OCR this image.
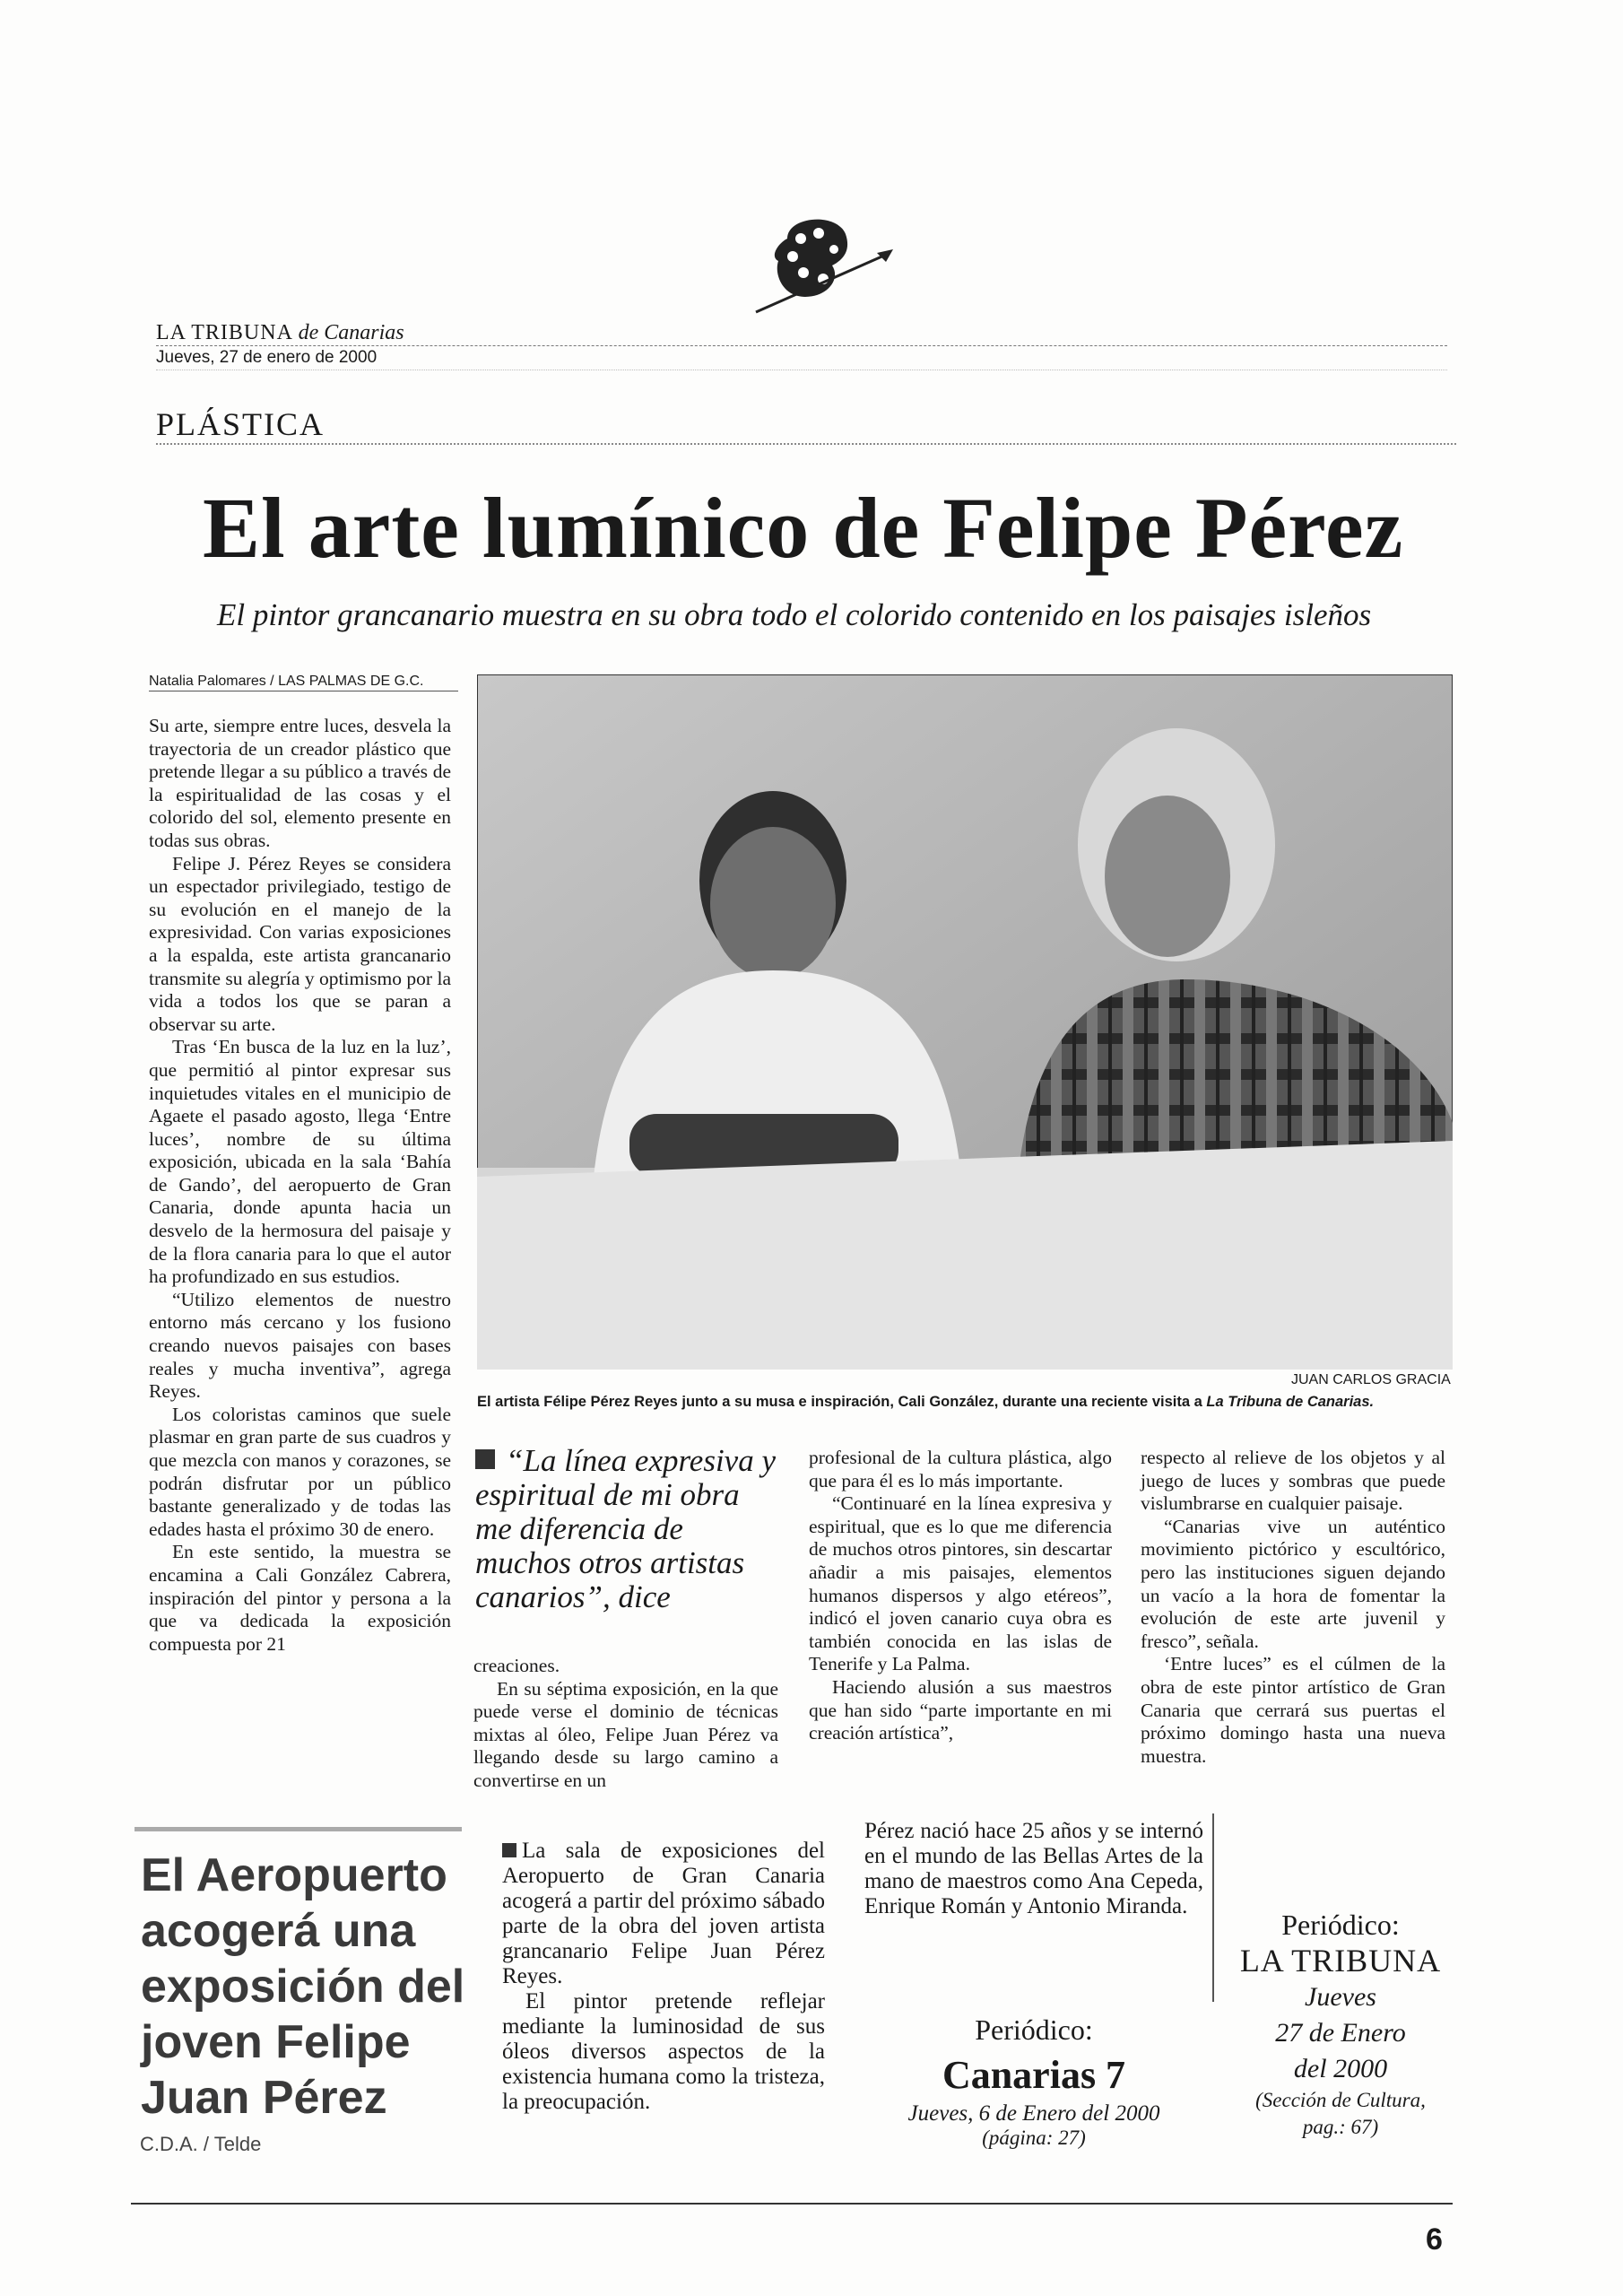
LA TRIBUNA de Canarias
Jueves, 27 de enero de 2000
PLÁSTICA
El arte lumínico de Felipe Pérez
El pintor grancanario muestra en su obra todo el colorido contenido en los paisajes isleños
Natalia Palomares / LAS PALMAS DE G.C.

Su arte, siempre entre luces, desvela la trayectoria de un creador plástico que pretende llegar a su público a través de la espiritualidad de las cosas y el colorido del sol, elemento presente en todas sus obras.

Felipe J. Pérez Reyes se considera un espectador privilegiado, testigo de su evolución en el manejo de la expresividad. Con varias exposiciones a la espalda, este artista grancanario transmite su alegría y optimismo por la vida a todos los que se paran a observar su arte.

Tras ‘En busca de la luz en la luz’, que permitió al pintor expresar sus inquietudes vitales en el municipio de Agaete el pasado agosto, llega ‘Entre luces’, nombre de su última exposición, ubicada en la sala ‘Bahía de Gando’, del aeropuerto de Gran Canaria, donde apunta hacia un desvelo de la hermosura del paisaje y de la flora canaria para lo que el autor ha profundizado en sus estudios.

“Utilizo elementos de nuestro entorno más cercano y los fusiono creando nuevos paisajes con bases reales y mucha inventiva”, agrega Reyes.

Los coloristas caminos que suele plasmar en gran parte de sus cuadros y que mezcla con manos y corazones, se podrán disfrutar por un público bastante generalizado y de todas las edades hasta el próximo 30 de enero.

En este sentido, la muestra se encamina a Cali González Cabrera, inspiración del pintor y persona a la que va dedicada la exposición compuesta por 21

JUAN CARLOS GRACIA
El artista Félipe Pérez Reyes junto a su musa e inspiración, Cali González, durante una reciente visita a La Tribuna de Canarias.
“La línea expresiva y espiritual de mi obra me diferencia de muchos otros artistas canarios”, dice

creaciones.

En su séptima exposición, en la que puede verse el dominio de técnicas mixtas al óleo, Felipe Juan Pérez va llegando desde su largo camino a convertirse en un

profesional de la cultura plástica, algo que para él es lo más importante.

“Continuaré en la línea expresiva y espiritual, que es lo que me diferencia de muchos otros pintores, sin descartar añadir a mis paisajes, elementos humanos dispersos y algo etéreos”, indicó el joven canario cuya obra es también conocida en las islas de Tenerife y La Palma.

Haciendo alusión a sus maestros que han sido “parte importante en mi creación artística”,

respecto al relieve de los objetos y al juego de luces y sombras que puede vislumbrarse en cualquier paisaje.

“Canarias vive un auténtico movimiento pictórico y escultórico, pero las instituciones siguen dejando un vacío a la hora de fomentar la evolución de este arte juvenil y fresco”, señala.

‘Entre luces” es el cúlmen de la obra de este pintor artístico de Gran Canaria que cerrará sus puertas el próximo domingo hasta una nueva muestra.

El Aeropuerto acogerá una exposición del joven Felipe Juan Pérez
C.D.A. / Telde

La sala de exposiciones del Aeropuerto de Gran Canaria acogerá a partir del próximo sábado parte de la obra del joven artista grancanario Felipe Juan Pérez Reyes.

El pintor pretende reflejar mediante la luminosidad de sus óleos diversos aspectos de la existencia humana como la tristeza, la preocupación.

Pérez nació hace 25 años y se internó en el mundo de las Bellas Artes de la mano de maestros como Ana Cepeda, Enrique Román y Antonio Miranda.
Periódico:
Canarias 7
Jueves, 6 de Enero del 2000
(página: 27)
Periódico:
LA TRIBUNA
Jueves
27 de Enero
del 2000
(Sección de Cultura,
pag.: 67)
6
